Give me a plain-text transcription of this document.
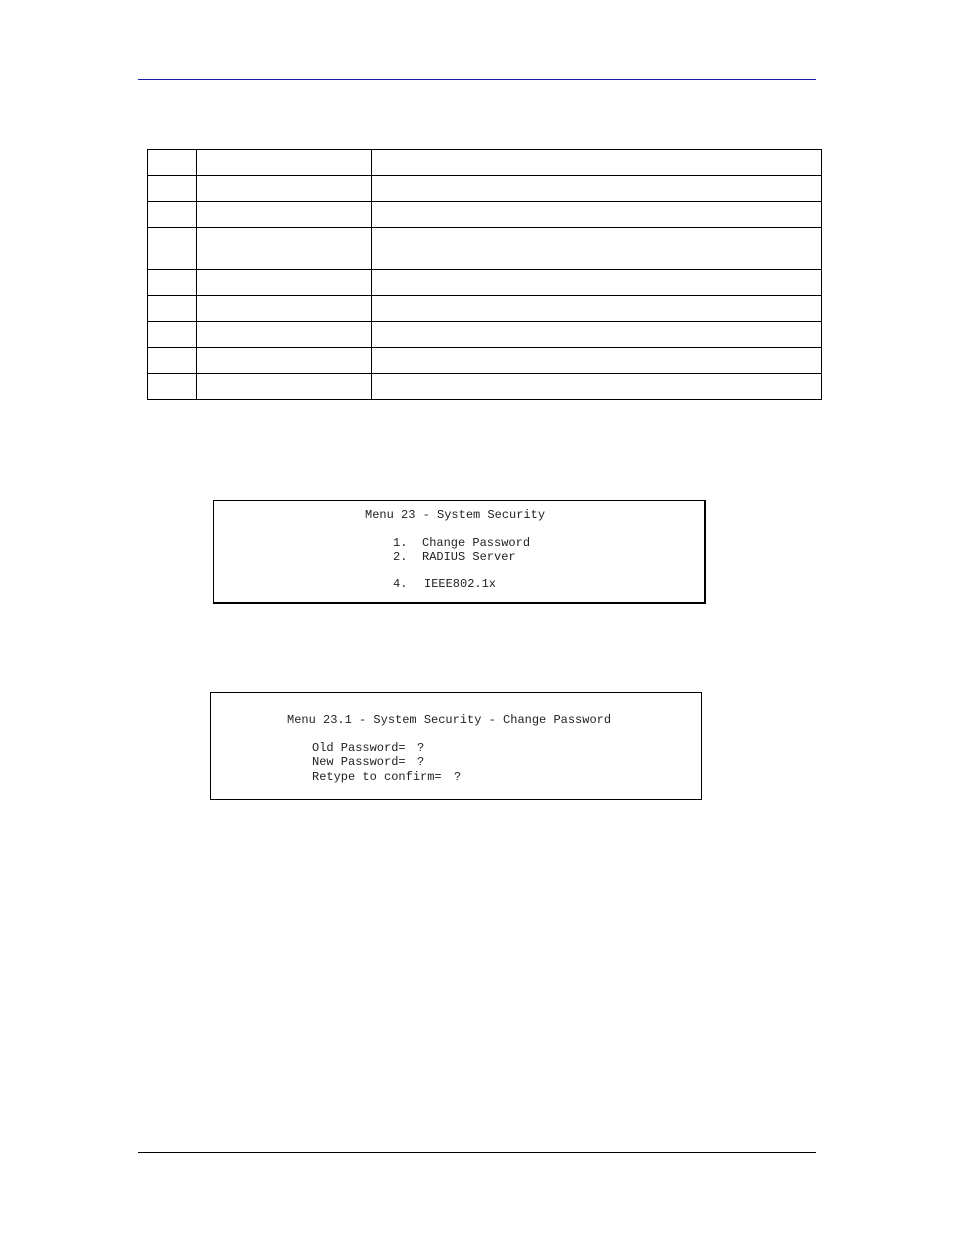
Menu 23 - System Security
1. Change Password
2. RADIUS Server
4. IEEE802.1x
Menu 23.1 - System Security - Change Password
Old Password= ?
New Password= ?
Retype to confirm= ?
